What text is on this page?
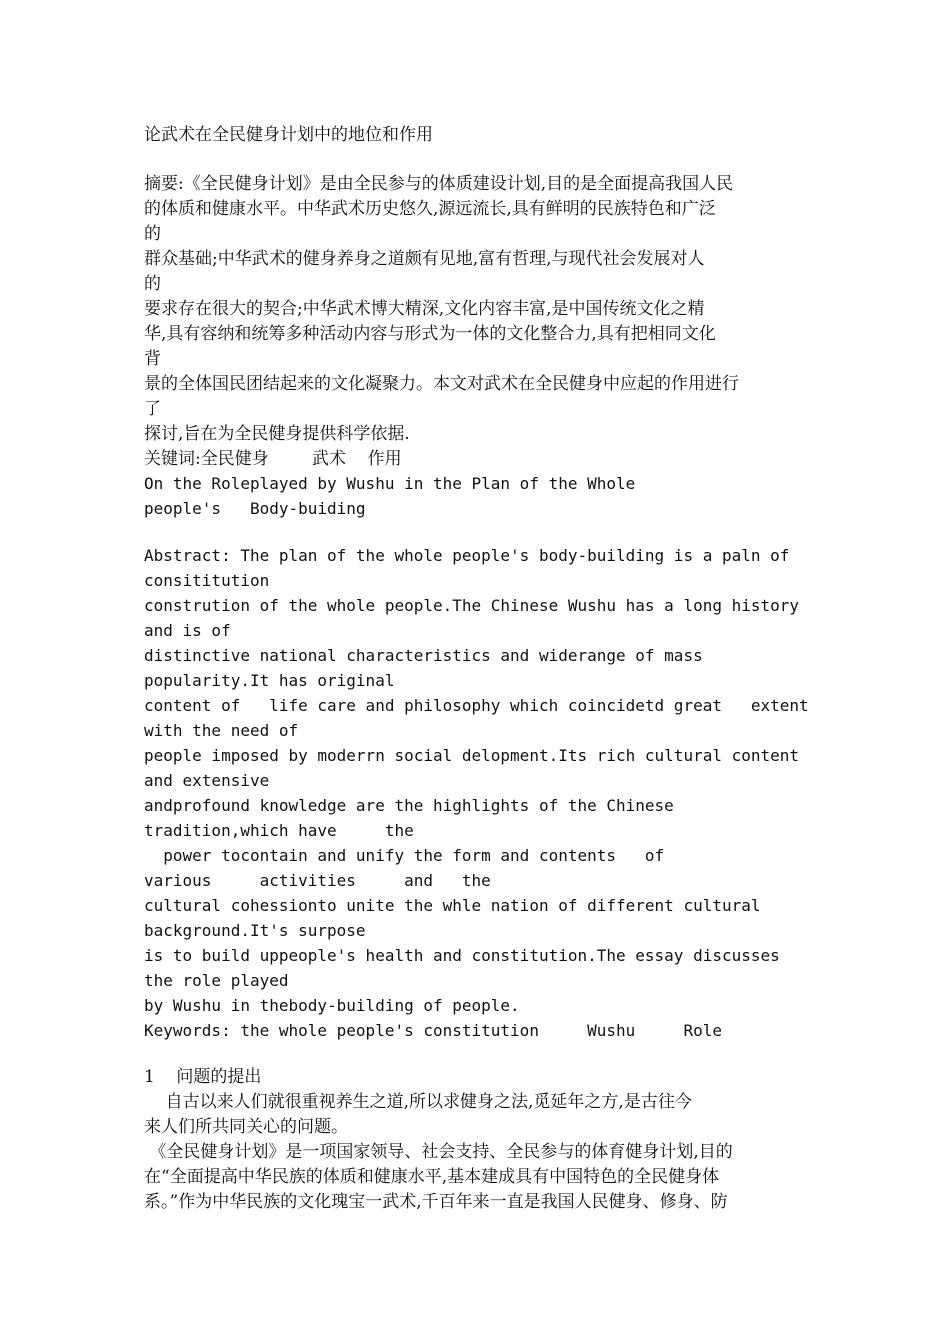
论武术在全民健身计划中的地位和作用

摘要:《全民健身计划》是由全民参与的体质建设计划,目的是全面提高我国人民

的体质和健康水平。中华武术历史悠久,源远流长,具有鲜明的民族特色和广泛

的

群众基础;中华武术的健身养身之道颇有见地,富有哲理,与现代社会发展对人

的

要求存在很大的契合;中华武术博大精深,文化内容丰富,是中国传统文化之精

华,具有容纳和统筹多种活动内容与形式为一体的文化整合力,具有把相同文化

背

景的全体国民团结起来的文化凝聚力。本文对武术在全民健身中应起的作用进行

了

探讨,旨在为全民健身提供科学依据.

关键词:全民健身        武术    作用

On the Roleplayed by Wushu in the Plan of the Whole

people's   Body-buiding

Abstract: The plan of the whole people's body-building is a paln of

consititution

constrution of the whole people.The Chinese Wushu has a long history

and is of

distinctive national characteristics and widerange of mass

popularity.It has original

content of   life care and philosophy which coincidetd great   extent

with the need of

people imposed by moderrn social delopment.Its rich cultural content

and extensive

andprofound knowledge are the highlights of the Chinese

tradition,which have     the

power tocontain and unify the form and contents   of

various     activities     and   the

cultural cohessionto unite the whle nation of different cultural

background.It's surpose

is to build uppeople's health and constitution.The essay discusses

the role played

by Wushu in thebody-building of people.

Keywords: the whole people's constitution     Wushu     Role

1    问题的提出

自古以来人们就很重视养生之道,所以求健身之法,觅延年之方,是古往今

来人们所共同关心的问题。

《全民健身计划》是一项国家领导、社会支持、全民参与的体育健身计划,目的

在“全面提高中华民族的体质和健康水平,基本建成具有中国特色的全民健身体

系。”作为中华民族的文化瑰宝一武术,千百年来一直是我国人民健身、修身、防
